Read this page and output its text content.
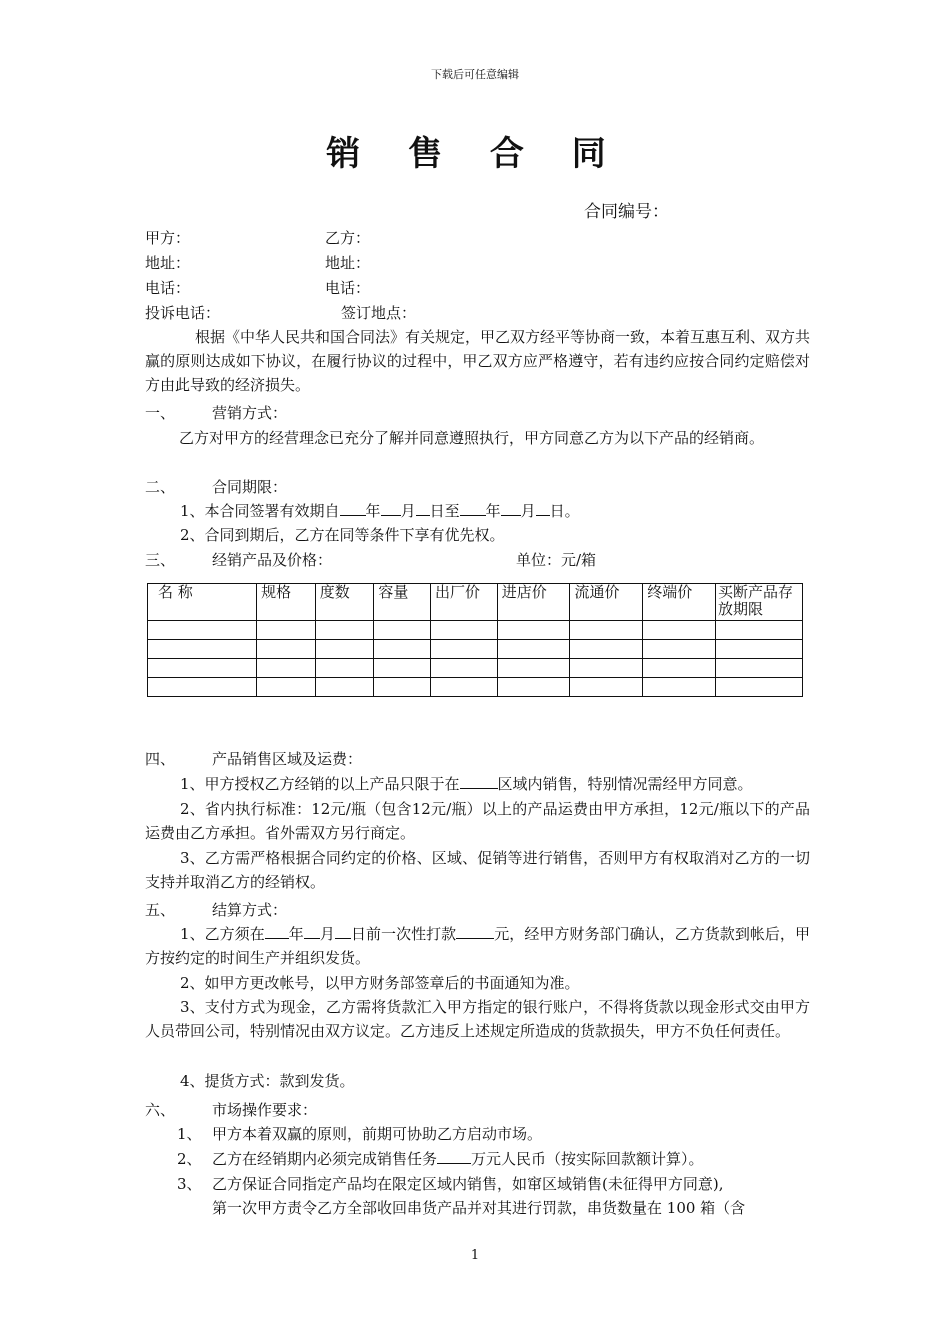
下载后可任意编辑
销 售 合 同
合同编号：
甲方：	乙方：
地址：	地址：
电话：	电话：
投诉电话：	签订地点：
根据《中华人民共和国合同法》有关规定，甲乙双方经平等协商一致，本着互惠互利、双方共赢的原则达成如下协议，在履行协议的过程中，甲乙双方应严格遵守，若有违约应按合同约定赔偿对方由此导致的经济损失。
一、 营销方式：
乙方对甲方的经营理念已充分了解并同意遵照执行，甲方同意乙方为以下产品的经销商。
二、 合同期限：
1、本合同签署有效期自 年 月 日至 年 月 日。
2、合同到期后，乙方在同等条件下享有优先权。
三、 经销产品及价格：	单位：元/箱
名 称	规格	度数	容量	出厂价	进店价	流通价	终端价	买断产品存放期限

四、 产品销售区域及运费：
1、甲方授权乙方经销的以上产品只限于在	区域内销售，特别情况需经甲方同意。
2、省内执行标准：12元/瓶（包含12元/瓶）以上的产品运费由甲方承担，12元/瓶以下的产品运费由乙方承担。省外需双方另行商定。
3、乙方需严格根据合同约定的价格、区域、促销等进行销售，否则甲方有权取消对乙方的一切支持并取消乙方的经销权。
五、 结算方式：
1、乙方须在 年 月 日前一次性打款	元，经甲方财务部门确认，乙方货款到帐后，甲方按约定的时间生产并组织发货。
2、如甲方更改帐号，以甲方财务部签章后的书面通知为准。
3、支付方式为现金，乙方需将货款汇入甲方指定的银行账户，不得将货款以现金形式交由甲方人员带回公司，特别情况由双方议定。乙方违反上述规定所造成的货款损失，甲方不负任何责任。
4、提货方式：款到发货。
六、 市场操作要求：
1、 甲方本着双赢的原则，前期可协助乙方启动市场。
2、 乙方在经销期内必须完成销售任务 万元人民币（按实际回款额计算）。
3、 乙方保证合同指定产品均在限定区域内销售，如窜区域销售(未征得甲方同意),
第一次甲方责令乙方全部收回串货产品并对其进行罚款，串货数量在 100 箱（含
1
